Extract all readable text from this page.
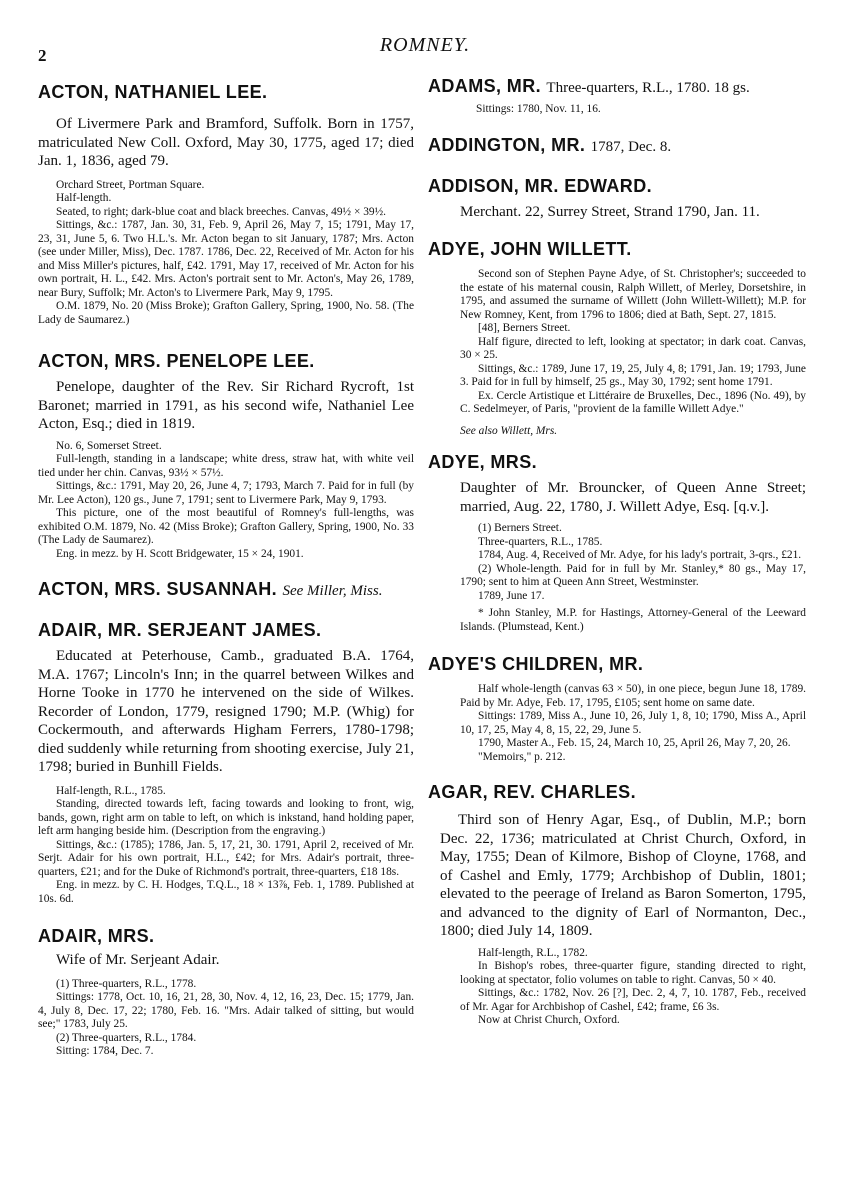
2	ROMNEY.

ACTON, NATHANIEL LEE.

Of Livermere Park and Bramford, Suffolk. Born in 1757, matriculated New Coll. Oxford, May 30, 1775, aged 17; died Jan. 1, 1836, aged 79.

Orchard Street, Portman Square.

Half-length.

Seated, to right; dark-blue coat and black breeches. Canvas, 49½ × 39½.

Sittings, &c.: 1787, Jan. 30, 31, Feb. 9, April 26, May 7, 15; 1791, May 17, 23, 31, June 5, 6. Two H.L.'s. Mr. Acton began to sit January, 1787; Mrs. Acton (see under Miller, Miss), Dec. 1787. 1786, Dec. 22, Received of Mr. Acton for his and Miss Miller's pictures, half, £42. 1791, May 17, received of Mr. Acton for his own portrait, H. L., £42. Mrs. Acton's portrait sent to Mr. Acton's, May 26, 1789, near Bury, Suffolk; Mr. Acton's to Livermere Park, May 9, 1795.

O.M. 1879, No. 20 (Miss Broke); Grafton Gallery, Spring, 1900, No. 58. (The Lady de Saumarez.)

ACTON, MRS. PENELOPE LEE.

Penelope, daughter of the Rev. Sir Richard Rycroft, 1st Baronet; married in 1791, as his second wife, Nathaniel Lee Acton, Esq.; died in 1819.

No. 6, Somerset Street.

Full-length, standing in a landscape; white dress, straw hat, with white veil tied under her chin. Canvas, 93½ × 57½.

Sittings, &c.: 1791, May 20, 26, June 4, 7; 1793, March 7. Paid for in full (by Mr. Lee Acton), 120 gs., June 7, 1791; sent to Livermere Park, May 9, 1793.

This picture, one of the most beautiful of Romney's full-lengths, was exhibited O.M. 1879, No. 42 (Miss Broke); Grafton Gallery, Spring, 1900, No. 33 (The Lady de Saumarez).

Eng. in mezz. by H. Scott Bridgewater, 15 × 24, 1901.

ACTON, MRS. SUSANNAH. See Miller, Miss.

ADAIR, MR. SERJEANT JAMES.

Educated at Peterhouse, Camb., graduated B.A. 1764, M.A. 1767; Lincoln's Inn; in the quarrel between Wilkes and Horne Tooke in 1770 he intervened on the side of Wilkes. Recorder of London, 1779, resigned 1790; M.P. (Whig) for Cockermouth, and afterwards Higham Ferrers, 1780-1798; died suddenly while returning from shooting exercise, July 21, 1798; buried in Bunhill Fields.

Half-length, R.L., 1785.

Standing, directed towards left, facing towards and looking to front, wig, bands, gown, right arm on table to left, on which is inkstand, hand holding paper, left arm hanging beside him. (Description from the engraving.)

Sittings, &c.: (1785); 1786, Jan. 5, 17, 21, 30. 1791, April 2, received of Mr. Serjt. Adair for his own portrait, H.L., £42; for Mrs. Adair's portrait, three-quarters, £21; and for the Duke of Richmond's portrait, three-quarters, £18 18s.

Eng. in mezz. by C. H. Hodges, T.Q.L., 18 × 13⅞, Feb. 1, 1789. Published at 10s. 6d.

ADAIR, MRS.

Wife of Mr. Serjeant Adair.

(1) Three-quarters, R.L., 1778.

Sittings: 1778, Oct. 10, 16, 21, 28, 30, Nov. 4, 12, 16, 23, Dec. 15; 1779, Jan. 4, July 8, Dec. 17, 22; 1780, Feb. 16. "Mrs. Adair talked of sitting, but would see;" 1783, July 25.

(2) Three-quarters, R.L., 1784.

Sitting: 1784, Dec. 7.

ADAMS, MR. Three-quarters, R.L., 1780. 18 gs.

Sittings: 1780, Nov. 11, 16.

ADDINGTON, MR. 1787, Dec. 8.

ADDISON, MR. EDWARD.

Merchant. 22, Surrey Street, Strand 1790, Jan. 11.

ADYE, JOHN WILLETT.

Second son of Stephen Payne Adye, of St. Christopher's; succeeded to the estate of his maternal cousin, Ralph Willett, of Merley, Dorsetshire, in 1795, and assumed the surname of Willett (John Willett-Willett); M.P. for New Romney, Kent, from 1796 to 1806; died at Bath, Sept. 27, 1815.

[48], Berners Street.

Half figure, directed to left, looking at spectator; in dark coat. Canvas, 30 × 25.

Sittings, &c.: 1789, June 17, 19, 25, July 4, 8; 1791, Jan. 19; 1793, June 3. Paid for in full by himself, 25 gs., May 30, 1792; sent home 1791.

Ex. Cercle Artistique et Littéraire de Bruxelles, Dec., 1896 (No. 49), by C. Sedelmeyer, of Paris, "provient de la famille Willett Adye."

See also Willett, Mrs.

ADYE, MRS.

Daughter of Mr. Brouncker, of Queen Anne Street; married, Aug. 22, 1780, J. Willett Adye, Esq. [q.v.].

(1) Berners Street.

Three-quarters, R.L., 1785.

1784, Aug. 4, Received of Mr. Adye, for his lady's portrait, 3-qrs., £21.

(2) Whole-length. Paid for in full by Mr. Stanley,* 80 gs., May 17, 1790; sent to him at Queen Ann Street, Westminster.

1789, June 17.

* John Stanley, M.P. for Hastings, Attorney-General of the Leeward Islands. (Plumstead, Kent.)

ADYE'S CHILDREN, MR.

Half whole-length (canvas 63 × 50), in one piece, begun June 18, 1789. Paid by Mr. Adye, Feb. 17, 1795, £105; sent home on same date.

Sittings: 1789, Miss A., June 10, 26, July 1, 8, 10; 1790, Miss A., April 10, 17, 25, May 4, 8, 15, 22, 29, June 5.

1790, Master A., Feb. 15, 24, March 10, 25, April 26, May 7, 20, 26.

"Memoirs," p. 212.

AGAR, REV. CHARLES.

Third son of Henry Agar, Esq., of Dublin, M.P.; born Dec. 22, 1736; matriculated at Christ Church, Oxford, in May, 1755; Dean of Kilmore, Bishop of Cloyne, 1768, and of Cashel and Emly, 1779; Archbishop of Dublin, 1801; elevated to the peerage of Ireland as Baron Somerton, 1795, and advanced to the dignity of Earl of Normanton, Dec., 1800; died July 14, 1809.

Half-length, R.L., 1782.

In Bishop's robes, three-quarter figure, standing directed to right, looking at spectator, folio volumes on table to right. Canvas, 50 × 40.

Sittings, &c.: 1782, Nov. 26 [?], Dec. 2, 4, 7, 10. 1787, Feb., received of Mr. Agar for Archbishop of Cashel, £42; frame, £6 3s.

Now at Christ Church, Oxford.
